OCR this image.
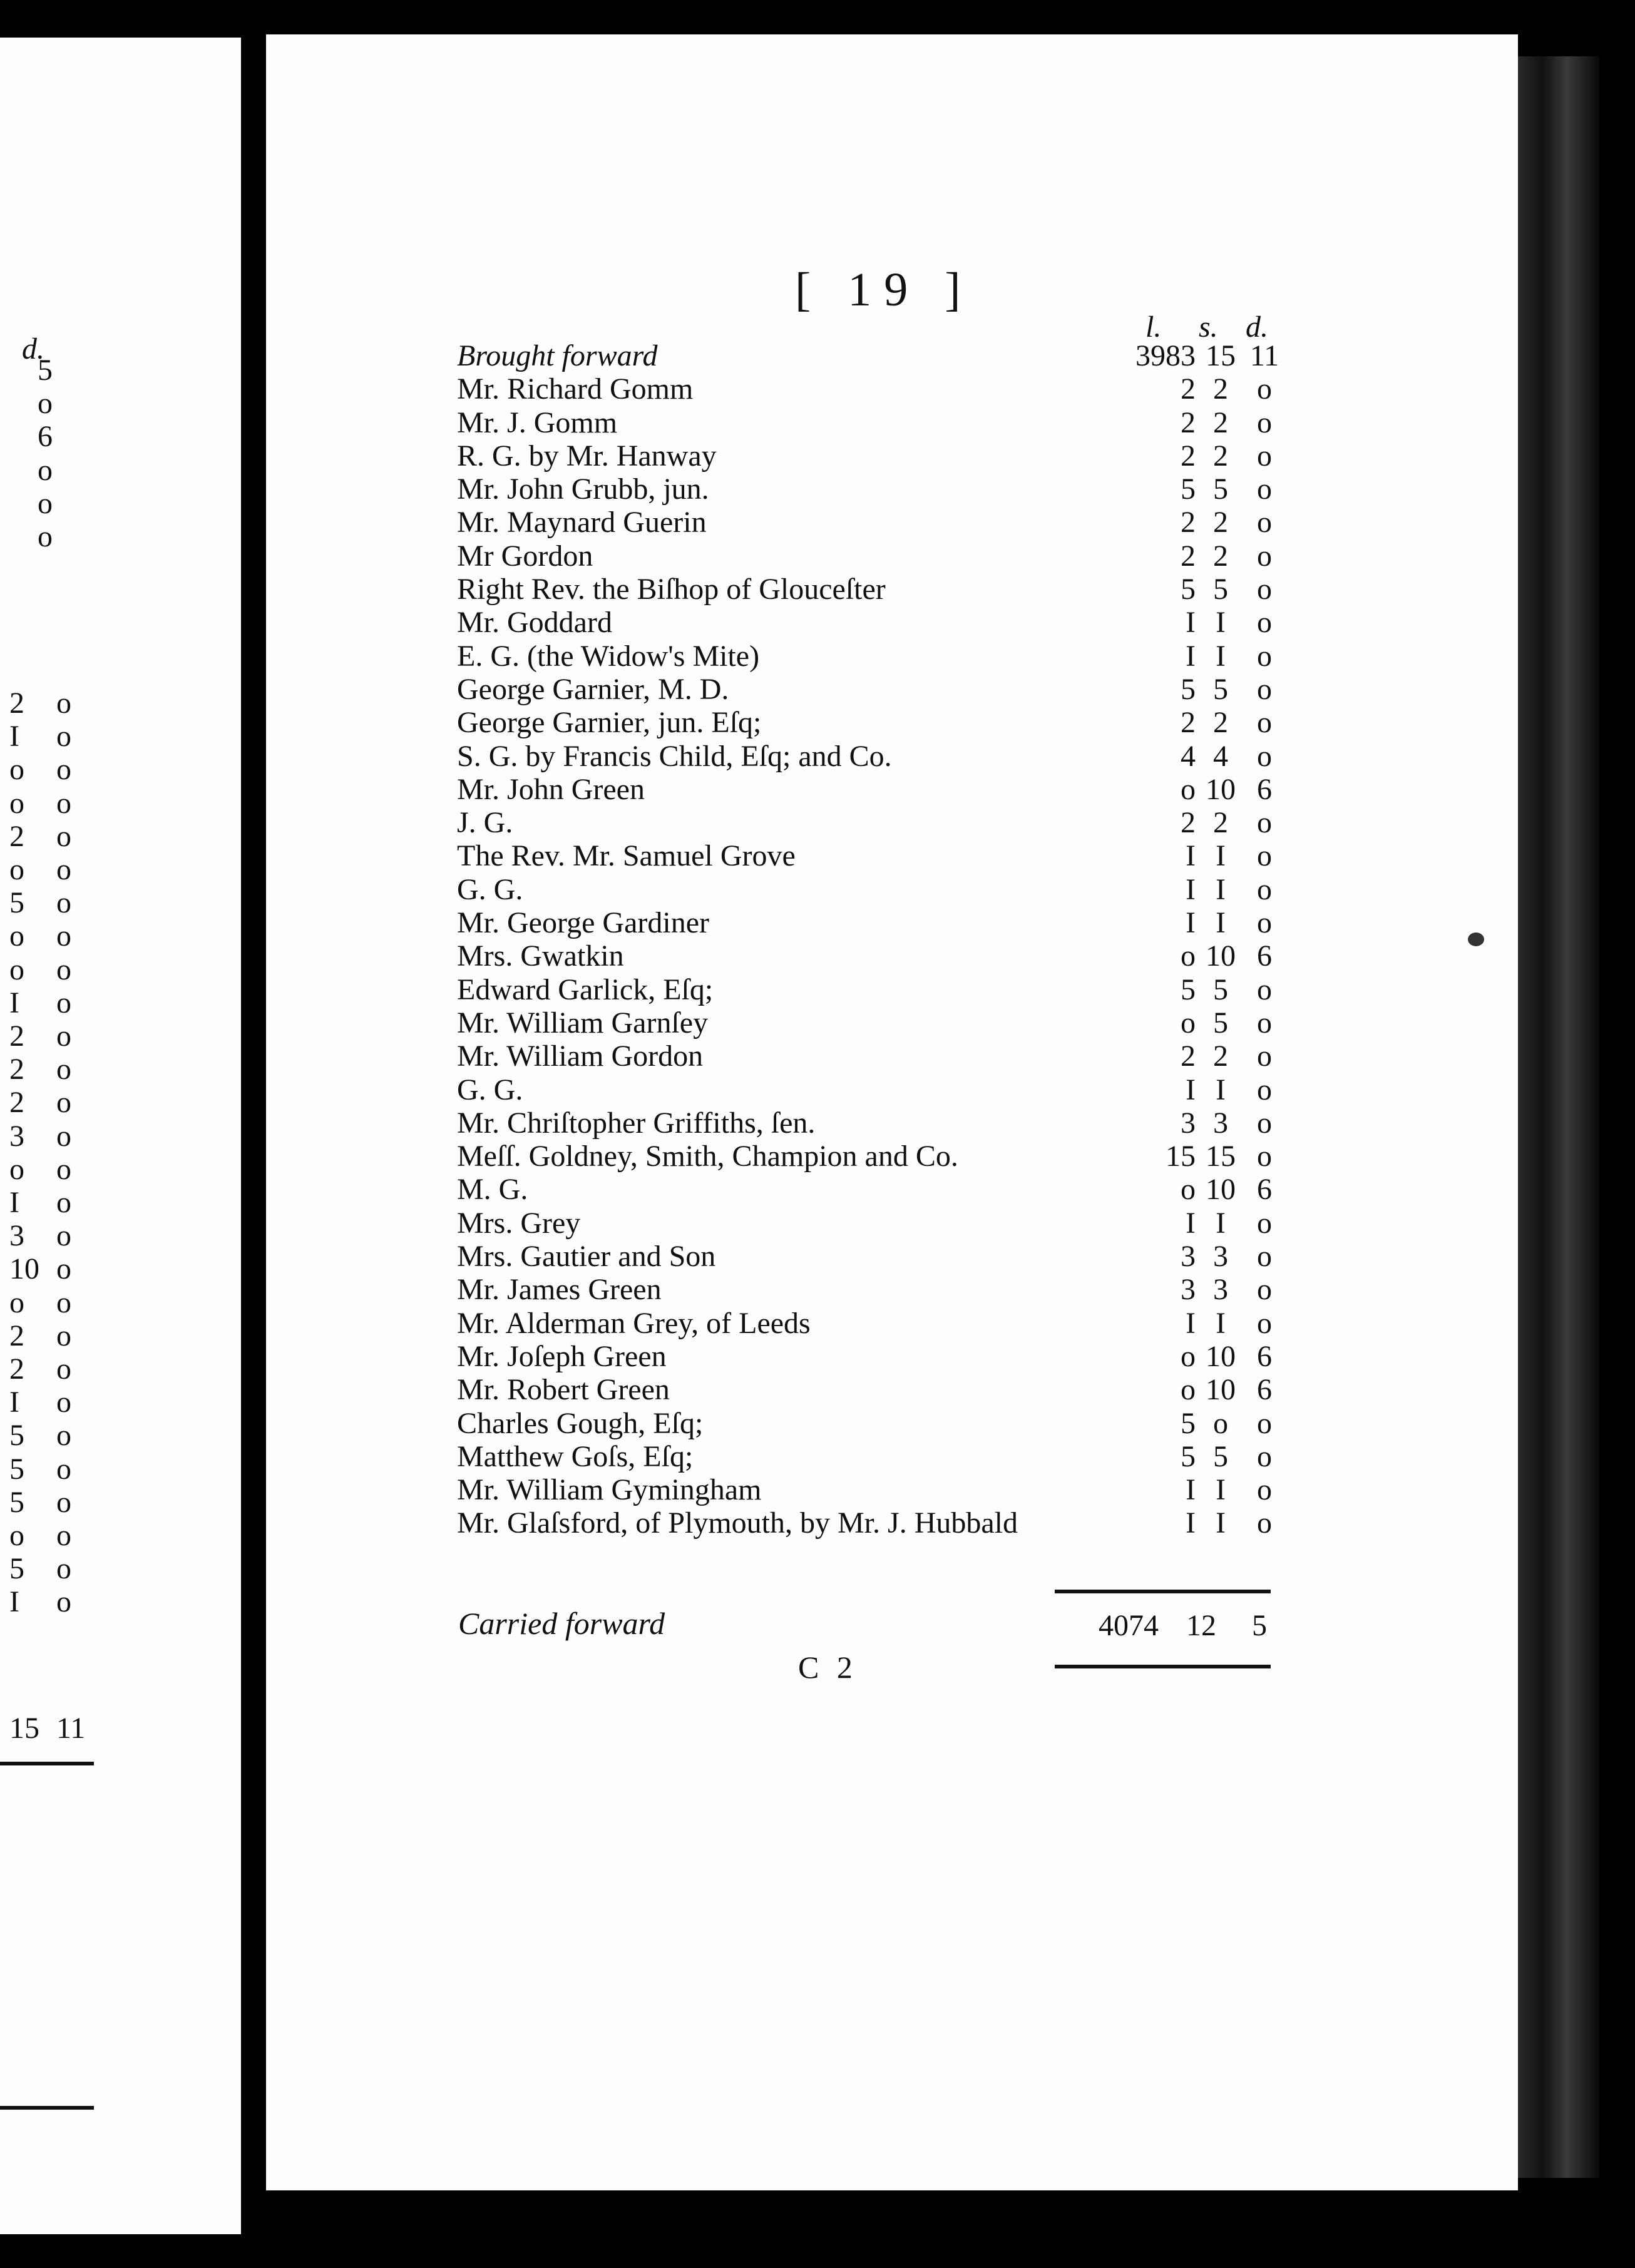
d.
5
o
6
o
o
o
2 o
I o
o o
o o
2 o
o o
5 o
o o
o o
I o
2 o
2 o
2 o
3 o
o o
I o
3 o
10 o
o o
2 o
2 o
I o
5 o
5 o
5 o
o o
5 o
I o
15 11
[ 19 ]
l. s. d.
Brought forward	3983 15 11
Mr. Richard Gomm	2 2 o
Mr. J. Gomm	2 2 o
R. G. by Mr. Hanway	2 2 o
Mr. John Grubb, jun.	5 5 o
Mr. Maynard Guerin	2 2 o
Mr Gordon	2 2 o
Right Rev. the Biſhop of Glouceſter	5 5 o
Mr. Goddard	I I	o
E. G. (the Widow's Mite)	I I	o
George Garnier, M. D.	5 5 o
George Garnier, jun. Eſq;	2 2 o
S. G. by Francis Child, Eſq; and Co.	4 4 o
Mr. John Green	o 10 6
J. G.	2 2 o
The Rev. Mr. Samuel Grove	I I	o
G. G.	I I	o
Mr. George Gardiner	I I	o
Mrs. Gwatkin	o 10 6
Edward Garlick, Eſq;	5 5 o
Mr. William Garnſey	o 5 o
Mr. William Gordon	2 2 o
G. G.	I I	o
Mr. Chriſtopher Griffiths, ſen.	3 3 o
Meſſ. Goldney, Smith, Champion and Co.	15 15 o
M. G.	o 10 6
Mrs. Grey	I I	o
Mrs. Gautier and Son	3 3 o
Mr. James Green	3 3 o
Mr. Alderman Grey, of Leeds	I I	o
Mr. Joſeph Green	o 10 6
Mr. Robert Green	o 10 6
Charles Gough, Eſq;	5 o o
Matthew Goſs, Eſq;	5 5 o
Mr. William Gymingham	I I	o
Mr. Glaſsford, of Plymouth, by Mr. J. Hubbald	I I	o
Carried forward	4074 12 5
C 2
